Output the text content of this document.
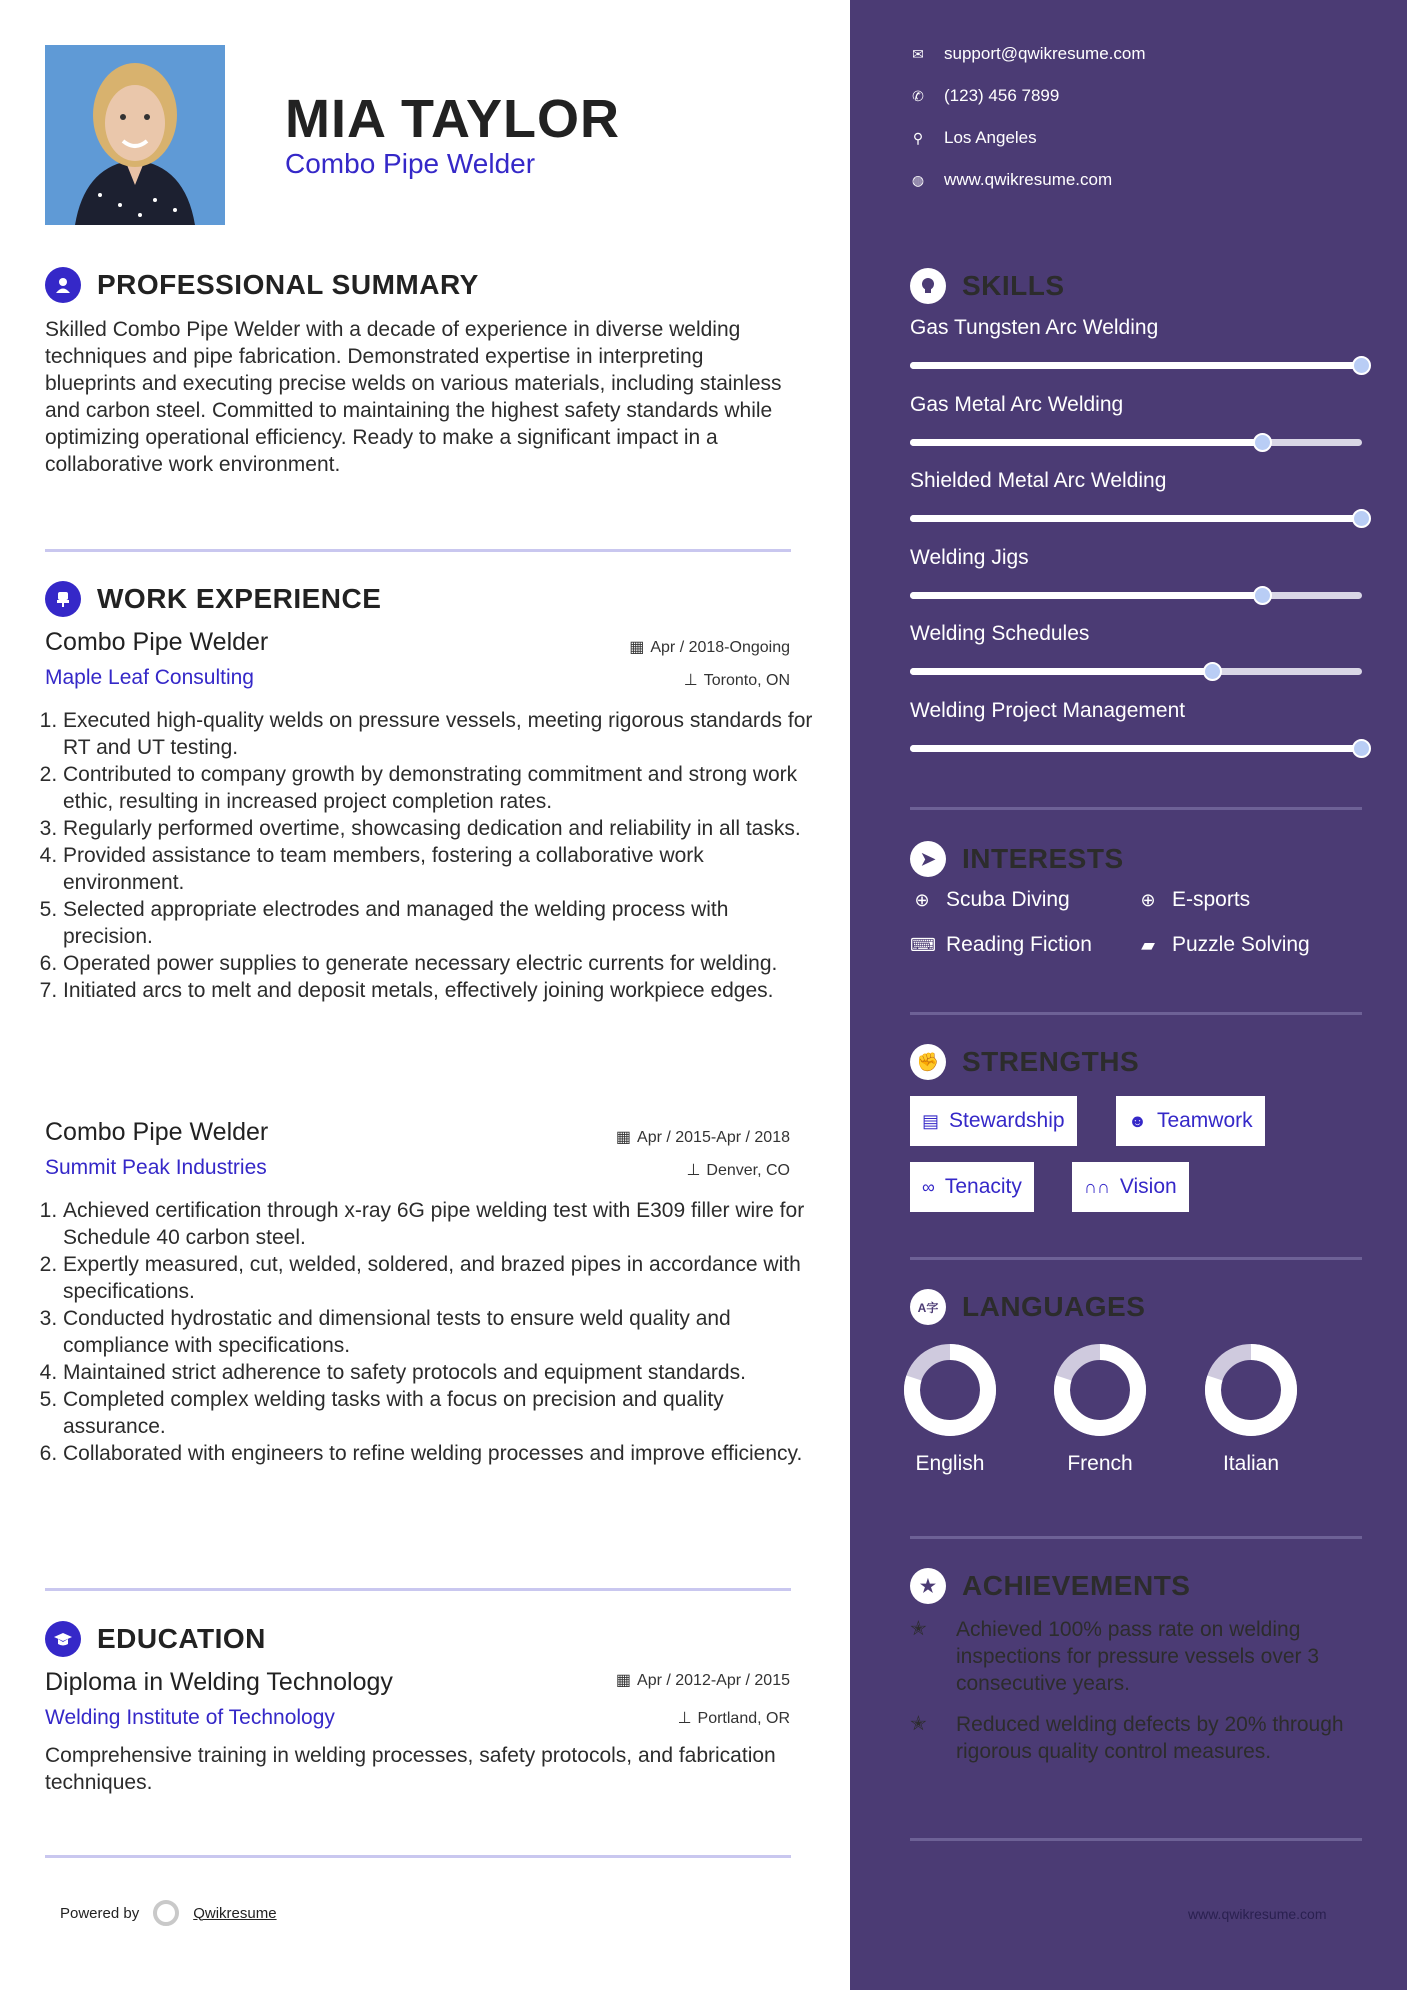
MIA TAYLOR
Combo Pipe Welder
PROFESSIONAL SUMMARY
Skilled Combo Pipe Welder with a decade of experience in diverse welding techniques and pipe fabrication. Demonstrated expertise in interpreting blueprints and executing precise welds on various materials, including stainless and carbon steel. Committed to maintaining the highest safety standards while optimizing operational efficiency. Ready to make a significant impact in a collaborative work environment.
WORK EXPERIENCE
Combo Pipe Welder	▦ Apr / 2018-Ongoing
Maple Leaf Consulting	⊥ Toronto, ON
1. Executed high-quality welds on pressure vessels, meeting rigorous standards for RT and UT testing.
2. Contributed to company growth by demonstrating commitment and strong work ethic, resulting in increased project completion rates.
3. Regularly performed overtime, showcasing dedication and reliability in all tasks.
4. Provided assistance to team members, fostering a collaborative work environment.
5. Selected appropriate electrodes and managed the welding process with precision.
6. Operated power supplies to generate necessary electric currents for welding.
7. Initiated arcs to melt and deposit metals, effectively joining workpiece edges.
Combo Pipe Welder	▦ Apr / 2015-Apr / 2018
Summit Peak Industries	⊥ Denver, CO
1. Achieved certification through x-ray 6G pipe welding test with E309 filler wire for Schedule 40 carbon steel.
2. Expertly measured, cut, welded, soldered, and brazed pipes in accordance with specifications.
3. Conducted hydrostatic and dimensional tests to ensure weld quality and compliance with specifications.
4. Maintained strict adherence to safety protocols and equipment standards.
5. Completed complex welding tasks with a focus on precision and quality assurance.
6. Collaborated with engineers to refine welding processes and improve efficiency.
EDUCATION
Diploma in Welding Technology	▦ Apr / 2012-Apr / 2015
Welding Institute of Technology	⊥ Portland, OR
Comprehensive training in welding processes, safety protocols, and fabrication techniques.
Powered by	Qwikresume
✉ support@qwikresume.com
✆ (123) 456 7899
⚲ Los Angeles
◍ www.qwikresume.com
SKILLS
Gas Tungsten Arc Welding
Gas Metal Arc Welding
Shielded Metal Arc Welding
Welding Jigs
Welding Schedules
Welding Project Management
➤ INTERESTS
⊕ Scuba Diving	⊕ E-sports
⌨ Reading Fiction	▰ Puzzle Solving
✊ STRENGTHS
▤ Stewardship	☻ Teamwork
∞ Tenacity	∩∩ Vision
A字 LANGUAGES
English	French	Italian
★ ACHIEVEMENTS
✭	Achieved 100% pass rate on welding inspections for pressure vessels over 3 consecutive years.
✭	Reduced welding defects by 20% through rigorous quality control measures.
www.qwikresume.com
